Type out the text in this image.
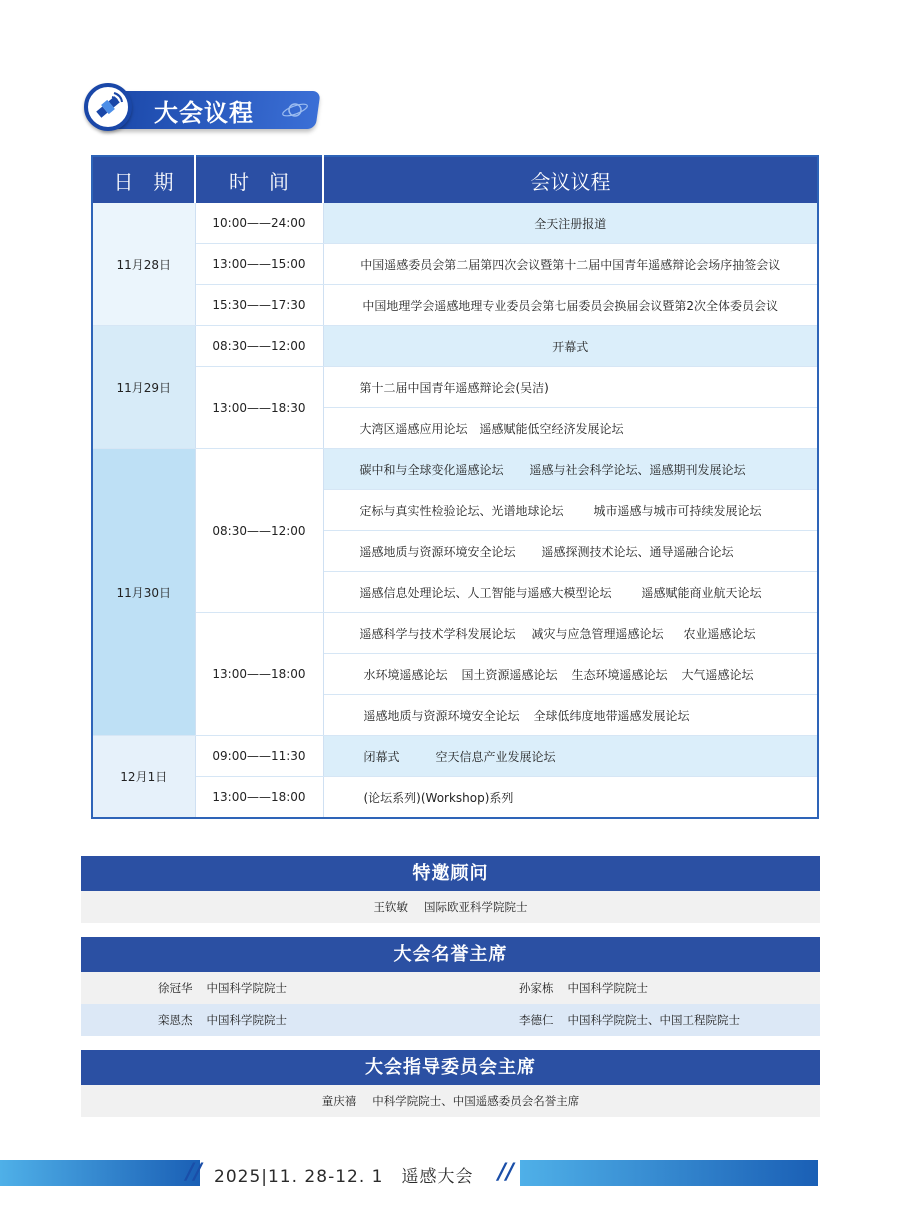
大会议程
日　期	时　间	会议议程
11月28日	10:00——24:00	全天注册报道
	13:00——15:00	中国遥感委员会第二届第四次会议暨第十二届中国青年遥感辩论会场序抽签会议
	15:30——17:30	中国地理学会遥感地理专业委员会第七届委员会换届会议暨第2次全体委员会议
11月29日	08:30——12:00	开幕式
	13:00——18:30	第十二届中国青年遥感辩论会(吴洁)
		大湾区遥感应用论坛 遥感赋能低空经济发展论坛
11月30日	08:30——12:00	碳中和与全球变化遥感论坛 遥感与社会科学论坛、遥感期刊发展论坛
		定标与真实性检验论坛、光谱地球论坛 城市遥感与城市可持续发展论坛
		遥感地质与资源环境安全论坛 遥感探测技术论坛、通导遥融合论坛
		遥感信息处理论坛、人工智能与遥感大模型论坛 遥感赋能商业航天论坛
	13:00——18:00	遥感科学与技术学科发展论坛 减灾与应急管理遥感论坛 农业遥感论坛
		水环境遥感论坛 国土资源遥感论坛 生态环境遥感论坛 大气遥感论坛
		遥感地质与资源环境安全论坛 全球低纬度地带遥感发展论坛
12月1日	09:00——11:30	闭幕式 空天信息产业发展论坛
	13:00——18:00	(论坛系列)(Workshop)系列
特邀顾问
王钦敏 国际欧亚科学院院士
大会名誉主席
徐冠华 中国科学院院士	孙家栋 中国科学院院士
栾恩杰 中国科学院院士	李德仁 中国科学院院士、中国工程院院士
大会指导委员会主席
童庆禧 中科学院院士、中国遥感委员会名誉主席
// 2025|11. 28-12. 1　遥感大会 //
